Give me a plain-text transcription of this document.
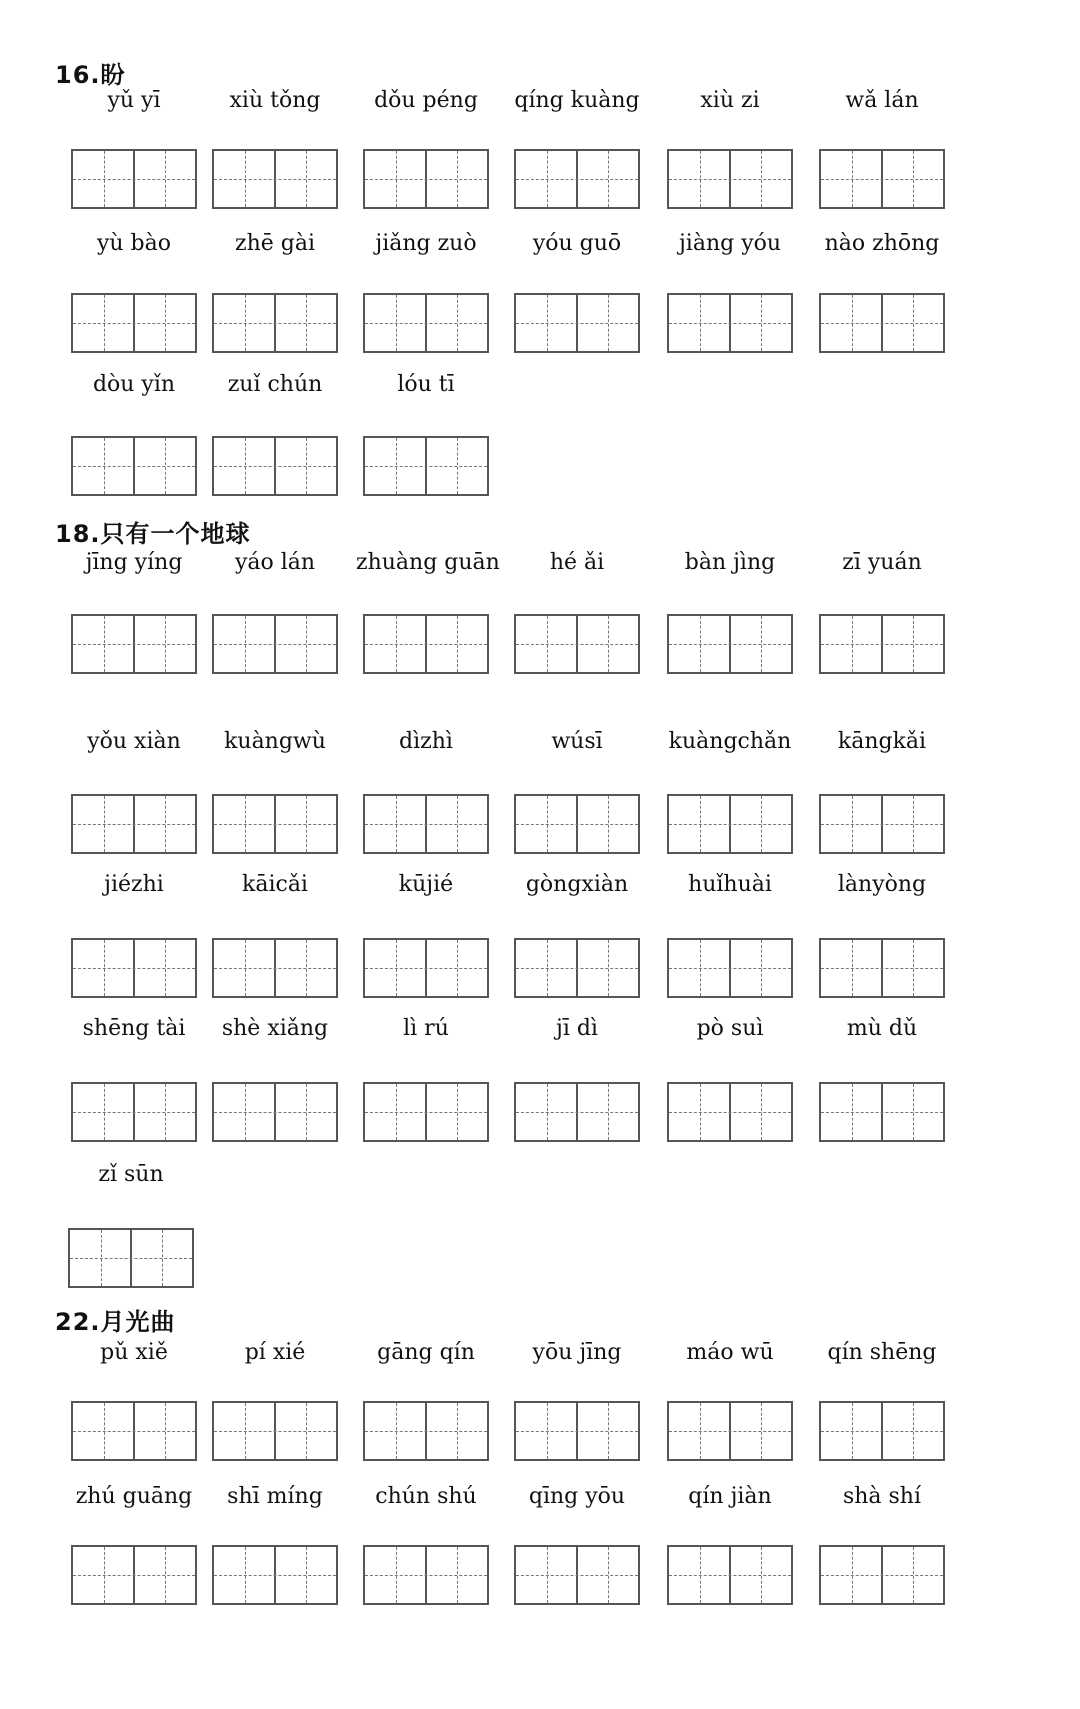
16.盼
yǔ yī	xiù tǒng	dǒu péng	qíng kuàng	xiù zi	wǎ lán
yù bào	zhē gài	jiǎng zuò	yóu guō	jiàng yóu	nào zhōng
dòu yǐn	zuǐ chún	lóu tī
18.只有一个地球
jīng yíng	yáo lán	zhuàng guān	hé ǎi	bàn jìng	zī yuán
yǒu xiàn	kuàngwù	dìzhì	wúsī	kuàngchǎn	kāngkǎi
jiézhi	kāicǎi	kūjié	gòngxiàn	huǐhuài	lànyòng
shēng tài	shè xiǎng	lì rú	jī dì	pò suì	mù dǔ
zǐ sūn
22.月光曲
pǔ xiě	pí xié	gāng qín	yōu jīng	máo wū	qín shēng
zhú guāng	shī míng	chún shú	qīng yōu	qín jiàn	shà shí
